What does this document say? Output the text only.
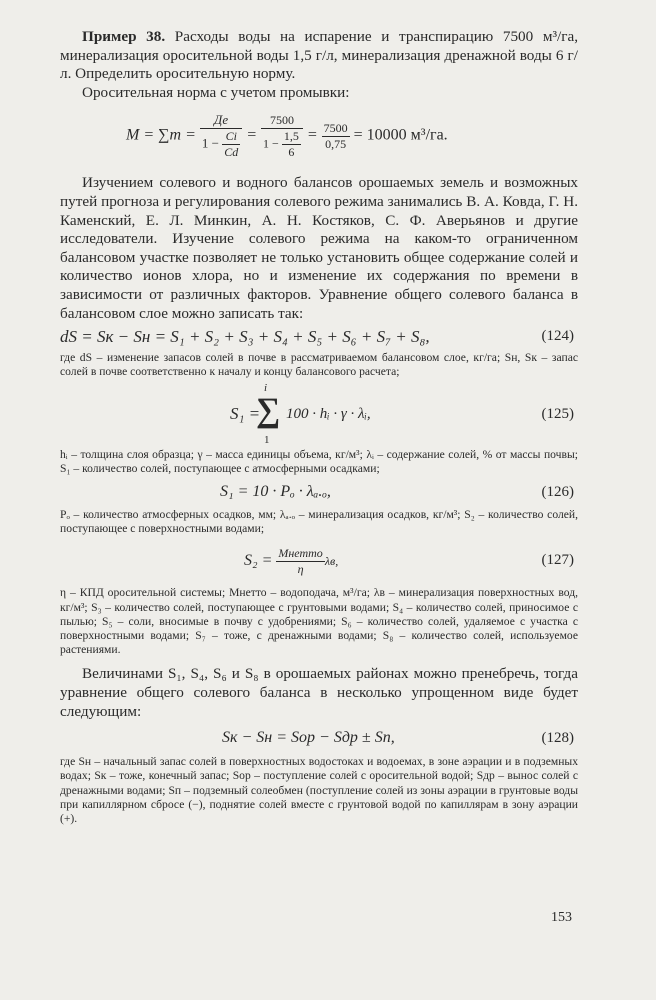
Пример 38. Расходы воды на испарение и транспирацию 7500 м³/га, минерализация оросительной воды 1,5 г/л, минерализация дренажной воды 6 г/л. Определить оросительную норму.

Оросительная норма с учетом промывки:

$M = \sum m = \frac{Дe}{1 - \frac{Ci}{Cd}} = \frac{7500}{1 - \frac{1,5}{6}} = \frac{7500}{0,75} = 10000$ м³/га.

Изучением солевого и водного балансов орошаемых земель и возможных путей прогноза и регулирования солевого режима занимались В. А. Ковда, Г. Н. Каменский, Е. Л. Минкин, А. Н. Костяков, С. Ф. Аверьянов и другие исследователи. Изучение солевого режима на каком-то ограниченном балансовом участке позволяет не только установить общее содержание солей и количество ионов хлора, но и изменение их содержания по времени в зависимости от различных факторов. Уравнение общего солевого баланса в балансовом слое можно записать так:

dS = Sк − Sн = S₁ + S₂ + S₃ + S₄ + S₅ + S₆ + S₇ + S₈,	(124)

где dS – изменение запасов солей в почве в рассматриваемом балансовом слое, кг/га; Sн, Sк – запас солей в почве соответственно к началу и концу балансового расчета;

S₁ =
i
∑
1
100 · hᵢ · γ · λᵢ,	(125)

hᵢ – толщина слоя образца; γ – масса единицы объема, кг/м³; λᵢ – содержание солей, % от массы почвы; S₁ – количество солей, поступающее с атмосферными осадками;

S₁ = 10 · Pₒ · λₐ.ₒ,	(126)

Pₒ – количество атмосферных осадков, мм; λₐ.ₒ – минерализация осадков, кг/м³; S₂ – количество солей, поступающее с поверхностными водами;

$S_2 = \frac{\text{Mнетто}}{\eta} \lambda в$,	(127)

η – КПД оросительной системы; Mнетто – водоподача, м³/га; λв – минерализация поверхностных вод, кг/м³; S₃ – количество солей, поступающее с грунтовыми водами; S₄ – количество солей, приносимое с пылью; S₅ – соли, вносимые в почву с удобрениями; S₆ – количество солей, удаляемое с участка с поверхностными водами; S₇ – тоже, с дренажными водами; S₈ – количество солей, используемое растениями.

Величинами S₁, S₄, S₆ и S₈ в орошаемых районах можно пренебречь, тогда уравнение общего солевого баланса в несколько упрощенном виде будет следующим:

Sк − Sн = Sор − Sдр ± Sп,	(128)

где Sн – начальный запас солей в поверхностных водостоках и водоемах, в зоне аэрации и в подземных водах; Sк – тоже, конечный запас; Sор – поступление солей с оросительной водой; Sдр – вынос солей с дренажными водами; Sп – подземный солеобмен (поступление солей из зоны аэрации в грунтовые воды при капиллярном сбросе (−), поднятие солей вместе с грунтовой водой по капиллярам в зону аэрации (+).

153
